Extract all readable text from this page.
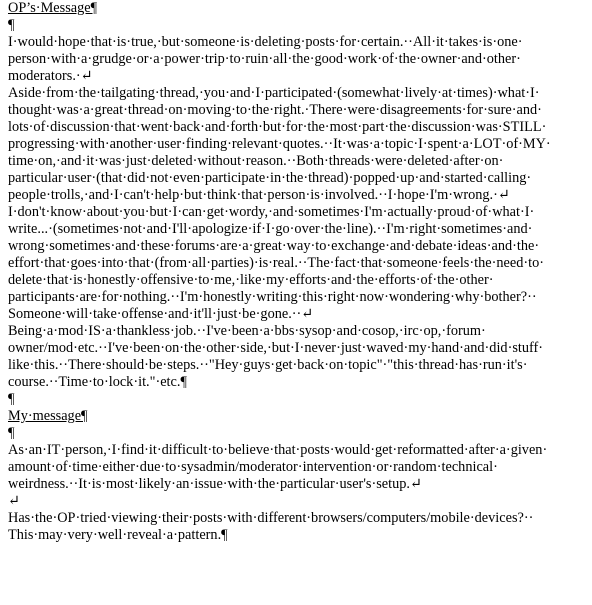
OP’s·Message¶
¶
I·would·hope·that·is·true,·but·someone·is·deleting·posts·for·certain.··All·it·takes·is·one·
person·with·a·grudge·or·a·power·trip·to·ruin·all·the·good·work·of·the·owner·and·other·
moderators.·↵
Aside·from·the·tailgating·thread,·you·and·I·participated·(somewhat·lively·at·times)·what·I·
thought·was·a·great·thread·on·moving·to·the·right.·There·were·disagreements·for·sure·and·
lots·of·discussion·that·went·back·and·forth·but·for·the·most·part·the·discussion·was·STILL·
progressing·with·another·user·finding·relevant·quotes.··It·was·a·topic·I·spent·a·LOT·of·MY·
time·on,·and·it·was·just·deleted·without·reason.··Both·threads·were·deleted·after·on·
particular·user·(that·did·not·even·participate·in·the·thread)·popped·up·and·started·calling·
people·trolls,·and·I·can't·help·but·think·that·person·is·involved.··I·hope·I'm·wrong.·↵
I·don't·know·about·you·but·I·can·get·wordy,·and·sometimes·I'm·actually·proud·of·what·I·
write...·(sometimes·not·and·I'll·apologize·if·I·go·over·the·line).··I'm·right·sometimes·and·
wrong·sometimes·and·these·forums·are·a·great·way·to·exchange·and·debate·ideas·and·the·
effort·that·goes·into·that·(from·all·parties)·is·real.··The·fact·that·someone·feels·the·need·to·
delete·that·is·honestly·offensive·to·me,·like·my·efforts·and·the·efforts·of·the·other·
participants·are·for·nothing.··I'm·honestly·writing·this·right·now·wondering·why·bother?··
Someone·will·take·offense·and·it'll·just·be·gone.··↵
Being·a·mod·IS·a·thankless·job.··I've·been·a·bbs·sysop·and·cosop,·irc·op,·forum·
owner/mod·etc.··I've·been·on·the·other·side,·but·I·never·just·waved·my·hand·and·did·stuff·
like·this.··There·should·be·steps.··"Hey·guys·get·back·on·topic"·"this·thread·has·run·it's·
course.··Time·to·lock·it."·etc.¶
¶
My·message¶
¶
As·an·IT·person,·I·find·it·difficult·to·believe·that·posts·would·get·reformatted·after·a·given·
amount·of·time·either·due·to·sysadmin/moderator·intervention·or·random·technical·
weirdness.··It·is·most·likely·an·issue·with·the·particular·user's·setup.↵
↵
Has·the·OP·tried·viewing·their·posts·with·different·browsers/computers/mobile·devices?··
This·may·very·well·reveal·a·pattern.¶
